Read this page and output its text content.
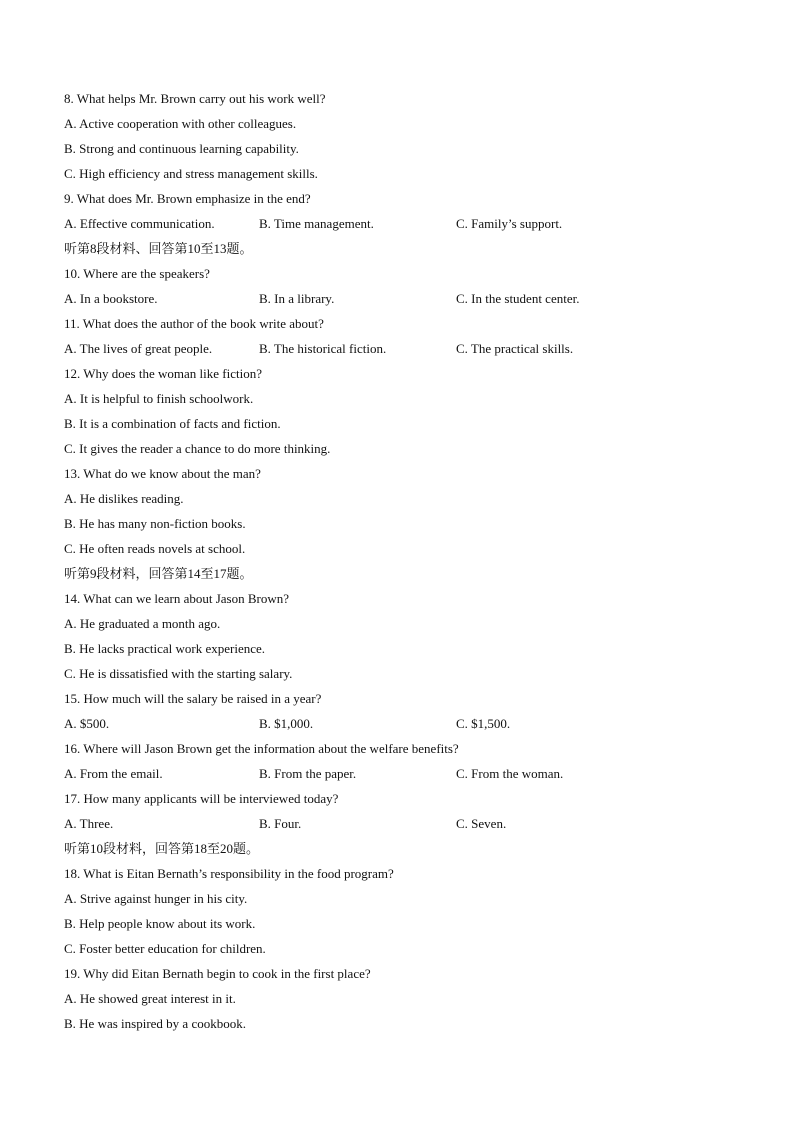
8. What helps Mr. Brown carry out his work well?
A. Active cooperation with other colleagues.
B. Strong and continuous learning capability.
C. High efficiency and stress management skills.
9. What does Mr. Brown emphasize in the end?
A. Effective communication.	B. Time management.	C. Family’s support.
听第8段材料、回答第10至13题。
10. Where are the speakers?
A. In a bookstore.	B. In a library.	C. In the student center.
11. What does the author of the book write about?
A. The lives of great people.	B. The historical fiction.	C. The practical skills.
12. Why does the woman like fiction?
A. It is helpful to finish schoolwork.
B. It is a combination of facts and fiction.
C. It gives the reader a chance to do more thinking.
13. What do we know about the man?
A. He dislikes reading.
B. He has many non-fiction books.
C. He often reads novels at school.
听第9段材料，回答第14至17题。
14. What can we learn about Jason Brown?
A. He graduated a month ago.
B. He lacks practical work experience.
C. He is dissatisfied with the starting salary.
15. How much will the salary be raised in a year?
A. $500.	B. $1,000.	C. $1,500.
16. Where will Jason Brown get the information about the welfare benefits?
A. From the email.	B. From the paper.	C. From the woman.
17. How many applicants will be interviewed today?
A. Three.	B. Four.	C. Seven.
听第10段材料，回答第18至20题。
18. What is Eitan Bernath’s responsibility in the food program?
A. Strive against hunger in his city.
B. Help people know about its work.
C. Foster better education for children.
19. Why did Eitan Bernath begin to cook in the first place?
A. He showed great interest in it.
B. He was inspired by a cookbook.
